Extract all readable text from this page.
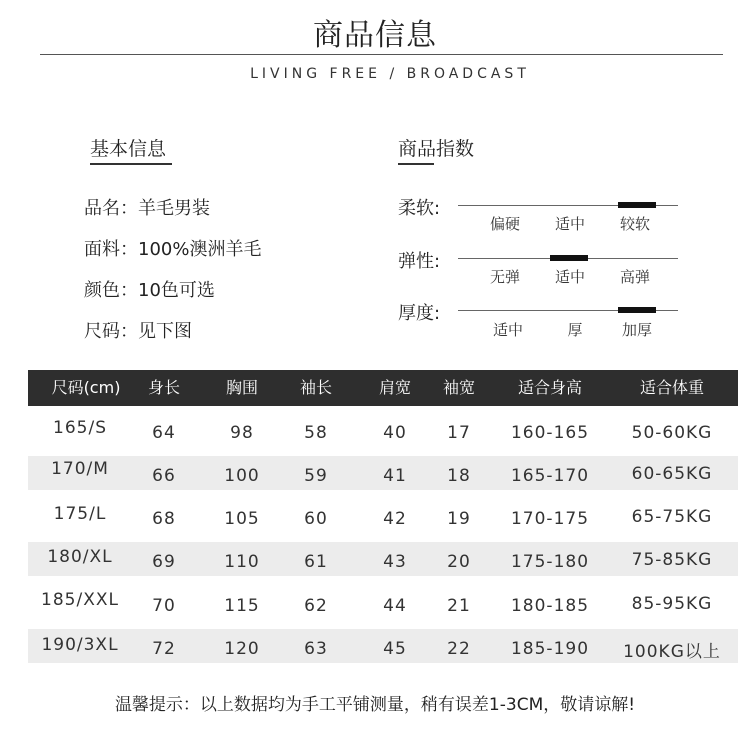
商品信息
LIVING FREE / BROADCAST
基本信息
品名：羊毛男装
面料：100%澳洲羊毛
颜色：10色可选
尺码：见下图
商品指数
柔软:
偏硬	适中	较软
弹性:
无弹	适中	高弹
厚度:
适中	厚	加厚
尺码(cm)	身长	胸围	袖长	肩宽	袖宽	适合身高	适合体重
165/S	64	98	58	40	17	160-165	50-60KG
170/M	66	100	59	41	18	165-170	60-65KG
175/L	68	105	60	42	19	170-175	65-75KG
180/XL	69	110	61	43	20	175-180	75-85KG
185/XXL	70	115	62	44	21	180-185	85-95KG
190/3XL	72	120	63	45	22	185-190	100KG以上
温馨提示：以上数据均为手工平铺测量，稍有误差1-3CM，敬请谅解!
